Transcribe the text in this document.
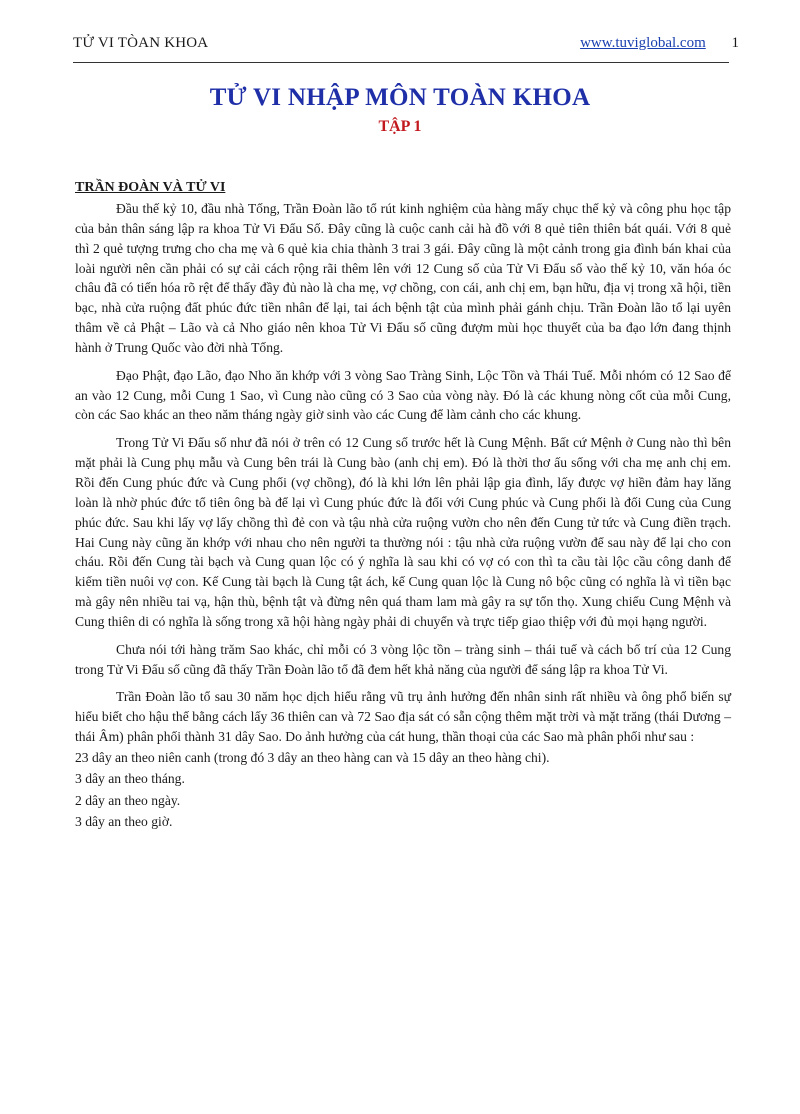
TỬ VI TÒAN KHOA	www.tuviglobal.com 1
TỬ VI NHẬP MÔN TOÀN KHOA
TẬP 1
TRẦN ĐOÀN VÀ TỬ VI

Đầu thế kỷ 10, đầu nhà Tống, Trần Đoàn lão tổ rút kinh nghiệm của hàng mấy chục thế kỷ và công phu học tập của bản thân sáng lập ra khoa Tử Vi Đẩu Số. Đây cũng là cuộc canh cải hà đồ với 8 quẻ tiên thiên bát quái. Với 8 quẻ thì 2 quẻ tượng trưng cho cha mẹ và 6 quẻ kia chia thành 3 trai 3 gái. Đây cũng là một cảnh trong gia đình bán khai của loài người nên cần phải có sự cải cách rộng rãi thêm lên với 12 Cung số của Tử Vi Đẩu số vào thế kỷ 10, văn hóa óc châu đã có tiến hóa rõ rệt để thấy đầy đủ nào là cha mẹ, vợ chồng, con cái, anh chị em, bạn hữu, địa vị trong xã hội, tiền bạc, nhà cửa ruộng đất phúc đức tiền nhân để lại, tai ách bệnh tật của mình phải gánh chịu. Trần Đoàn lão tổ lại uyên thâm về cả Phật – Lão và cả Nho giáo nên khoa Tử Vi Đẩu số cũng đượm mùi học thuyết của ba đạo lớn đang thịnh hành ở Trung Quốc vào đời nhà Tống.

Đạo Phật, đạo Lão, đạo Nho ăn khớp với 3 vòng Sao Tràng Sinh, Lộc Tồn và Thái Tuế. Mỗi nhóm có 12 Sao để an vào 12 Cung, mỗi Cung 1 Sao, vì Cung nào cũng có 3 Sao của vòng này. Đó là các khung nòng cốt của mỗi Cung, còn các Sao khác an theo năm tháng ngày giờ sinh vào các Cung để làm cảnh cho các khung.

Trong Tử Vi Đẩu số như đã nói ở trên có 12 Cung số trước hết là Cung Mệnh. Bất cứ Mệnh ở Cung nào thì bên mặt phải là Cung phụ mẫu và Cung bên trái là Cung bào (anh chị em). Đó là thời thơ ấu sống với cha mẹ anh chị em. Rồi đến Cung phúc đức và Cung phối (vợ chồng), đó là khi lớn lên phải lập gia đình, lấy được vợ hiền đảm hay lăng loàn là nhờ phúc đức tổ tiên ông bà để lại vì Cung phúc đức là đối với Cung phúc và Cung phối là đối Cung của Cung phúc đức. Sau khi lấy vợ lấy chồng thì đẻ con và tậu nhà cửa ruộng vườn cho nên đến Cung tử tức và Cung điền trạch. Hai Cung này cũng ăn khớp với nhau cho nên người ta thường nói : tậu nhà cửa ruộng vườn để sau này để lại cho con cháu. Rồi đến Cung tài bạch và Cung quan lộc có ý nghĩa là sau khi có vợ có con thì ta cầu tài lộc cầu công danh để kiếm tiền nuôi vợ con. Kế Cung tài bạch là Cung tật ách, kế Cung quan lộc là Cung nô bộc cũng có nghĩa là vì tiền bạc mà gây nên nhiều tai vạ, hận thù, bệnh tật và đừng nên quá tham lam mà gây ra sự tổn thọ. Xung chiếu Cung Mệnh và Cung thiên di có nghĩa là sống trong xã hội hàng ngày phải di chuyển và trực tiếp giao thiệp với đủ mọi hạng người.

Chưa nói tới hàng trăm Sao khác, chỉ mỗi có 3 vòng lộc tồn – tràng sinh – thái tuế và cách bố trí của 12 Cung trong Tử Vi Đẩu số cũng đã thấy Trần Đoàn lão tổ đã đem hết khả năng của người để sáng lập ra khoa Tử Vi.

Trần Đoàn lão tổ sau 30 năm học dịch hiểu rằng vũ trụ ảnh hưởng đến nhân sinh rất nhiều và ông phổ biến sự hiểu biết cho hậu thế bằng cách lấy 36 thiên can và 72 Sao địa sát có sẵn cộng thêm mặt trời và mặt trăng (thái Dương – thái Âm) phân phối thành 31 dây Sao. Do ảnh hưởng của cát hung, thần thoại của các Sao mà phân phối như sau :

23 dây an theo niên canh (trong đó 3 dây an theo hàng can và 15 dây an theo hàng chi).
3 dây an theo tháng.
2 dây an theo ngày.
3 dây an theo giờ.
